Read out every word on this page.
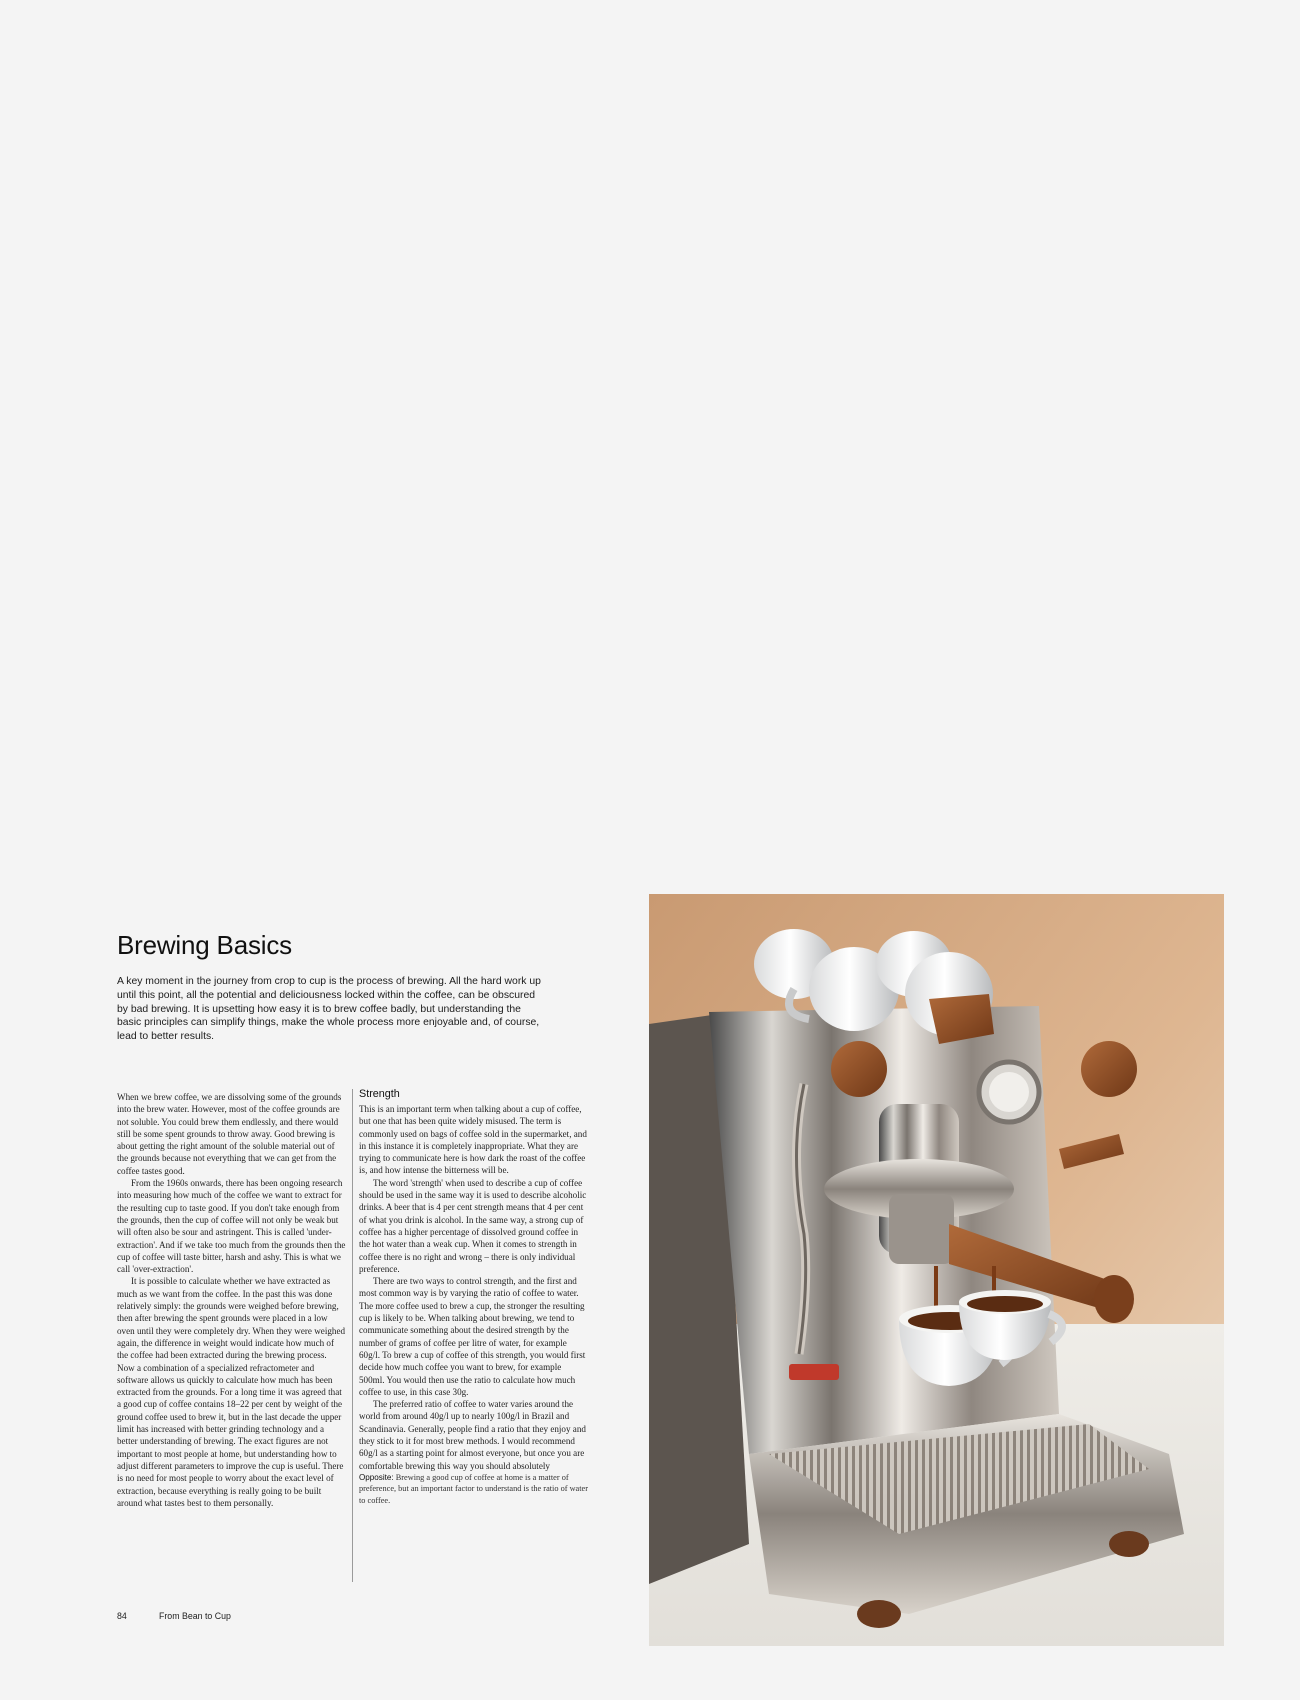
Brewing Basics

A key moment in the journey from crop to cup is the process of brewing. All the hard work up until this point, all the potential and deliciousness locked within the coffee, can be obscured by bad brewing. It is upsetting how easy it is to brew coffee badly, but understanding the basic principles can simplify things, make the whole process more enjoyable and, of course, lead to better results.

When we brew coffee, we are dissolving some of the grounds into the brew water. However, most of the coffee grounds are not soluble. You could brew them endlessly, and there would still be some spent grounds to throw away. Good brewing is about getting the right amount of the soluble material out of the grounds because not everything that we can get from the coffee tastes good.

From the 1960s onwards, there has been ongoing research into measuring how much of the coffee we want to extract for the resulting cup to taste good. If you don't take enough from the grounds, then the cup of coffee will not only be weak but will often also be sour and astringent. This is called 'under-extraction'. And if we take too much from the grounds then the cup of coffee will taste bitter, harsh and ashy. This is what we call 'over-extraction'.

It is possible to calculate whether we have extracted as much as we want from the coffee. In the past this was done relatively simply: the grounds were weighed before brewing, then after brewing the spent grounds were placed in a low oven until they were completely dry. When they were weighed again, the difference in weight would indicate how much of the coffee had been extracted during the brewing process. Now a combination of a specialized refractometer and software allows us quickly to calculate how much has been extracted from the grounds. For a long time it was agreed that a good cup of coffee contains 18–22 per cent by weight of the ground coffee used to brew it, but in the last decade the upper limit has increased with better grinding technology and a better understanding of brewing. The exact figures are not important to most people at home, but understanding how to adjust different parameters to improve the cup is useful. There is no need for most people to worry about the exact level of extraction, because everything is really going to be built around what tastes best to them personally.

Strength

This is an important term when talking about a cup of coffee, but one that has been quite widely misused. The term is commonly used on bags of coffee sold in the supermarket, and in this instance it is completely inappropriate. What they are trying to communicate here is how dark the roast of the coffee is, and how intense the bitterness will be.

The word 'strength' when used to describe a cup of coffee should be used in the same way it is used to describe alcoholic drinks. A beer that is 4 per cent strength means that 4 per cent of what you drink is alcohol. In the same way, a strong cup of coffee has a higher percentage of dissolved ground coffee in the hot water than a weak cup. When it comes to strength in coffee there is no right and wrong – there is only individual preference.

There are two ways to control strength, and the first and most common way is by varying the ratio of coffee to water. The more coffee used to brew a cup, the stronger the resulting cup is likely to be. When talking about brewing, we tend to communicate something about the desired strength by the number of grams of coffee per litre of water, for example 60g/l. To brew a cup of coffee of this strength, you would first decide how much coffee you want to brew, for example 500ml. You would then use the ratio to calculate how much coffee to use, in this case 30g.

The preferred ratio of coffee to water varies around the world from around 40g/l up to nearly 100g/l in Brazil and Scandinavia. Generally, people find a ratio that they enjoy and they stick to it for most brew methods. I would recommend 60g/l as a starting point for almost everyone, but once you are comfortable brewing this way you should absolutely

Opposite: Brewing a good cup of coffee at home is a matter of preference, but an important factor to understand is the ratio of water to coffee.

84	From Bean to Cup
